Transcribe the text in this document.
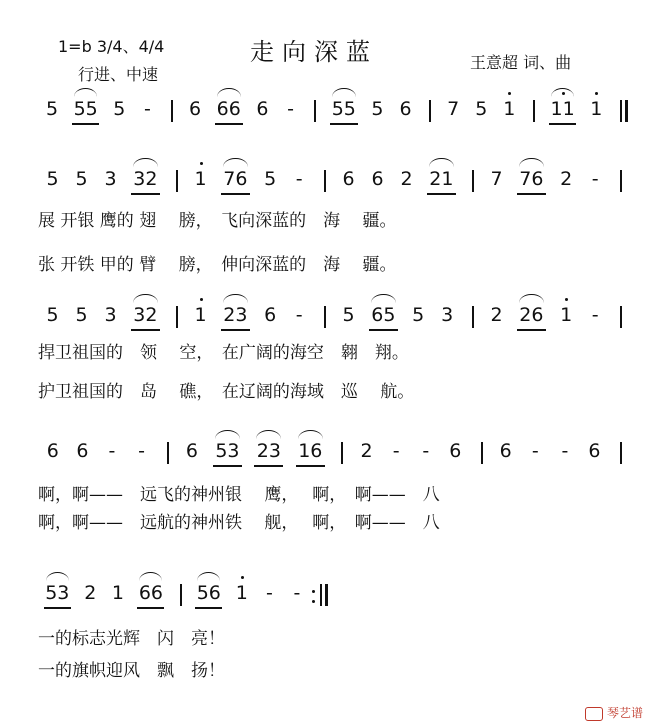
1=b 3/4、4/4
行进、中速
走向深蓝	王意超 词、曲
5 55 5 -	6 66 6 -	55 5 6	7 5 1	11 1
5 5 3 32	1 76 5	-	6 6 2 21	7 76 2	-
展 开银 鹰的 翅　 膀，　飞向深蓝的　海　 疆。
张 开铁 甲的 臂　 膀，　伸向深蓝的　海　 疆。
5 5 3 32	1 23 6	-	5 65 5 3	2 26 1	-
捍卫祖国的　领　 空，　在广阔的海空　翱　翔。
护卫祖国的　岛　 礁，　在辽阔的海域　巡　 航。
6 6	-	-	6 53 23 16	2	-	-	6	6	-	-	6
啊，啊——　远飞的神州银　 鹰，　 啊，　啊——　八
啊，啊——　远航的神州铁　 舰，　 啊，　啊——　八
53 2 1 66	56 1 -	-
一的标志光辉　闪　亮！
一的旗帜迎风　飘　扬！
琴艺谱
